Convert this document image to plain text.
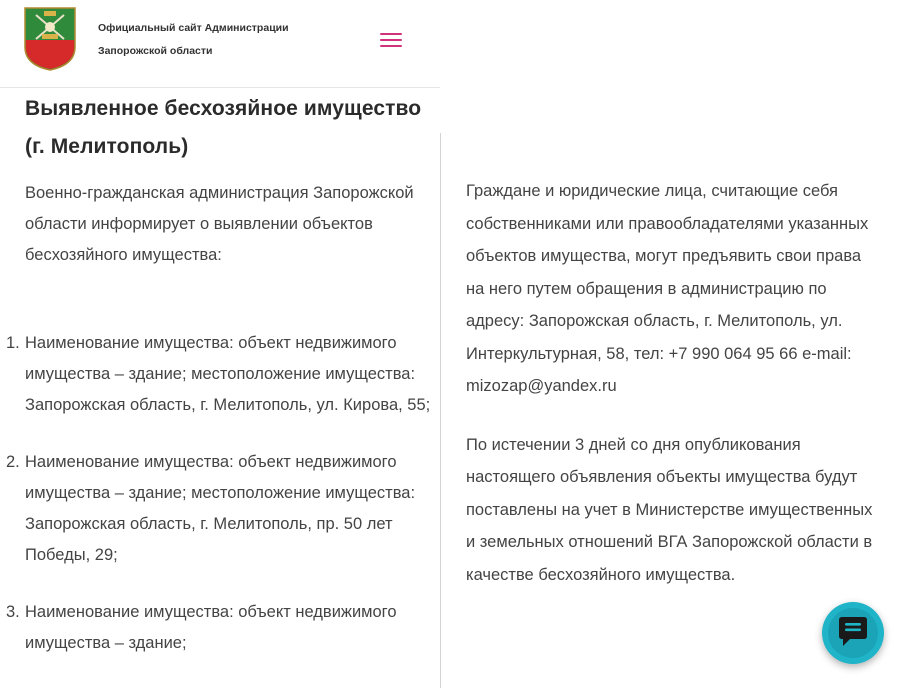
Официальный сайт Администрации
Запорожской области
Выявленное бесхозяйное имущество (г. Мелитополь)

Военно-гражданская администрация Запорожской области информирует о выявлении объектов бесхозяйного имущества:

1. Наименование имущества: объект недвижимого имущества – здание; местоположение имущества: Запорожская область, г. Мелитополь, ул. Кирова, 55;
2. Наименование имущества: объект недвижимого имущества – здание; местоположение имущества: Запорожская область, г. Мелитополь, пр. 50 лет Победы, 29;
3. Наименование имущества: объект недвижимого имущества – здание;

Граждане и юридические лица, считающие себя собственниками или правообладателями указанных объектов имущества, могут предъявить свои права на него путем обращения в администрацию по адресу: Запорожская область, г. Мелитополь, ул. Интеркультурная, 58, тел: +7 990 064 95 66 e-mail: mizozap@yandex.ru

По истечении 3 дней со дня опубликования настоящего объявления объекты имущества будут поставлены на учет в Министерстве имущественных и земельных отношений ВГА Запорожской области в качестве бесхозяйного имущества.
